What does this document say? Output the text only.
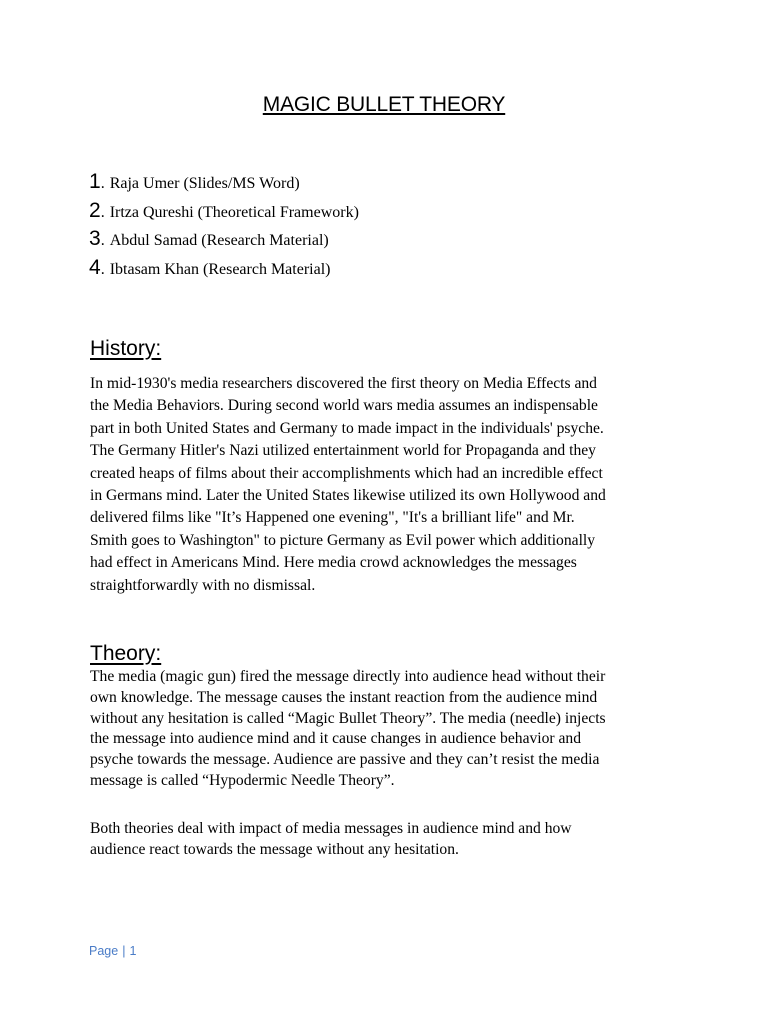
MAGIC BULLET THEORY
1 . Raja Umer (Slides/MS Word)
2 . Irtza Qureshi (Theoretical Framework)
3 . Abdul Samad (Research Material)
4 . Ibtasam Khan (Research Material)
History:

In mid-1930's media researchers discovered the first theory on Media Effects and
the Media Behaviors. During second world wars media assumes an indispensable
part in both United States and Germany to made impact in the individuals' psyche.
The Germany Hitler's Nazi utilized entertainment world for Propaganda and they
created heaps of films about their accomplishments which had an incredible effect
in Germans mind. Later the United States likewise utilized its own Hollywood and
delivered films like "It’s Happened one evening", "It's a brilliant life" and Mr.
Smith goes to Washington" to picture Germany as Evil power which additionally
had effect in Americans Mind. Here media crowd acknowledges the messages
straightforwardly with no dismissal.

Theory:

The media (magic gun) fired the message directly into audience head without their
own knowledge. The message causes the instant reaction from the audience mind
without any hesitation is called “Magic Bullet Theory”. The media (needle) injects
the message into audience mind and it cause changes in audience behavior and
psyche towards the message. Audience are passive and they can’t resist the media
message is called “Hypodermic Needle Theory”.

Both theories deal with impact of media messages in audience mind and how
audience react towards the message without any hesitation.

Page | 1
